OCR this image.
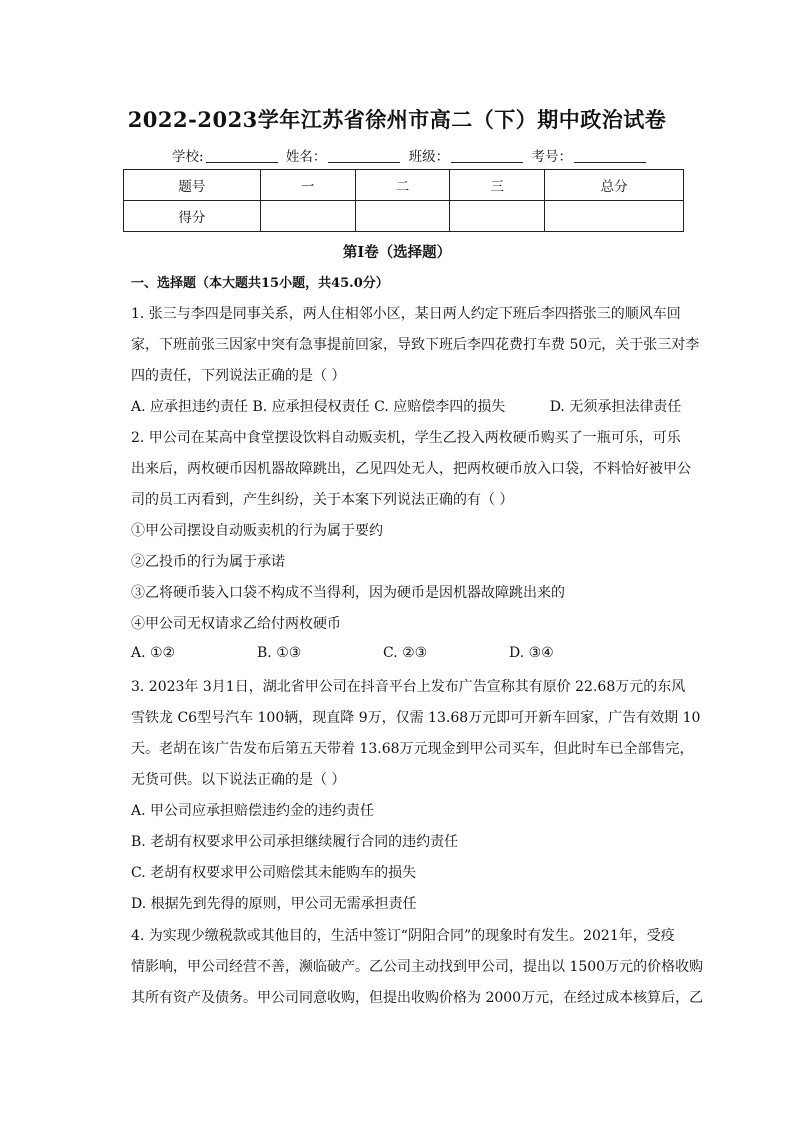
2022-2023学年江苏省徐州市高二（下）期中政治试卷
学校:	姓名：	班级：	考号：
题号	一	二	三	总分
得分				
第I卷（选择题）
一、选择题（本大题共15小题，共45.0分）
1. 张三与李四是同事关系，两人住相邻小区，某日两人约定下班后李四搭张三的顺风车回
家，下班前张三因家中突有急事提前回家，导致下班后李四花费打车费 50元，关于张三对李
四的责任，下列说法正确的是（ ）
A. 应承担违约责任 B. 应承担侵权责任 C. 应赔偿李四的损失	D. 无须承担法律责任
2. 甲公司在某高中食堂摆设饮料自动贩卖机，学生乙投入两枚硬币购买了一瓶可乐，可乐
出来后，两枚硬币因机器故障跳出，乙见四处无人，把两枚硬币放入口袋，不料恰好被甲公
司的员工丙看到，产生纠纷，关于本案下列说法正确的有（ ）
①甲公司摆设自动贩卖机的行为属于要约
②乙投币的行为属于承诺
③乙将硬币装入口袋不构成不当得利，因为硬币是因机器故障跳出来的
④甲公司无权请求乙给付两枚硬币
A. ①②	B. ①③	C. ②③	D. ③④
3. 2023年 3月1日，湖北省甲公司在抖音平台上发布广告宣称其有原价 22.68万元的东风
雪铁龙 C6型号汽车 100辆，现直降 9万，仅需 13.68万元即可开新车回家，广告有效期 10
天。老胡在该广告发布后第五天带着 13.68万元现金到甲公司买车，但此时车已全部售完，
无货可供。以下说法正确的是（ ）
A. 甲公司应承担赔偿违约金的违约责任
B. 老胡有权要求甲公司承担继续履行合同的违约责任
C. 老胡有权要求甲公司赔偿其未能购车的损失
D. 根据先到先得的原则，甲公司无需承担责任
4. 为实现少缴税款或其他目的，生活中签订“阴阳合同”的现象时有发生。2021年，受疫
情影响，甲公司经营不善，濒临破产。乙公司主动找到甲公司，提出以 1500万元的价格收购
其所有资产及债务。甲公司同意收购，但提出收购价格为 2000万元，在经过成本核算后，乙
